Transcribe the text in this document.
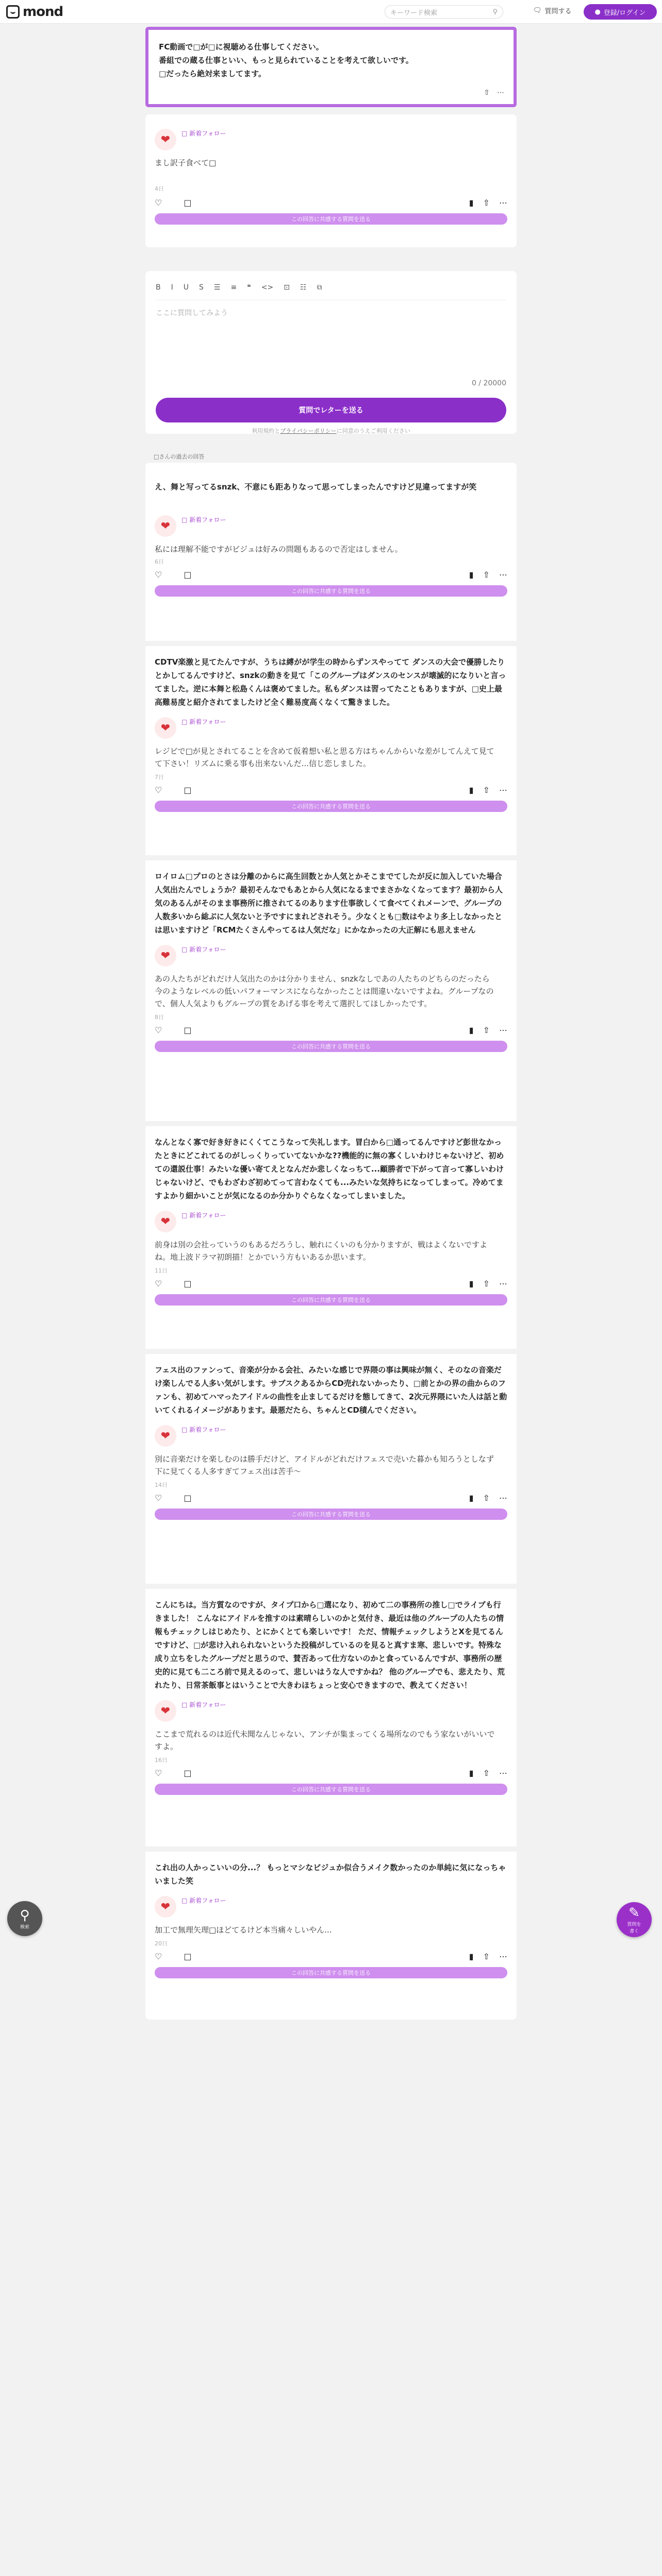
mond	キーワード検索	⚲	🗨 質問する	● 登録/ログイン
FC動画で□が□に視聴める仕事してください。
番組での蔵る仕事といい、もっと見られていることを考えて欲しいです。
□だったら絶対来ましてます。
⇧ ⋯
❤	□ 新着フォロー
まし訳子食べて□
4日
♡	□	▮ ⇧ ⋯
この回答に共感する質問を送る
B I U S ☰ ≡ ❝ <> ⊡ ☷ ⧉
ここに質問してみよう
0 / 20000
質問でレターを送る
利用規約とプライバシーポリシーに同意のうえご利用ください
□さんの過去の回答
え、舞と写ってるsnzk、不意にも距ありなって思ってしまったんですけど見違ってますが笑
❤	□ 新着フォロー
私には理解不能ですがビジュは好みの問題もあるので否定はしません。
6日
♡	□	▮ ⇧ ⋯
この回答に共感する質問を送る
CDTV楽激と見てたんですが、うちは縛がが学生の時からずンスやってて ダンスの大会で優勝したりとかしてるんですけど、snzkの動きを見て「このグループはダンスのセンスが壊滅的になりいと言ってました。逆に本舞と松島くんは褒めてました。私もダンスは習ってたこともありますが、□史上最高難易度と紹介されてましたけど全く難易度高くなくて驚きました。
❤	□ 新着フォロー
レジビで□が見とされてることを含めて仮着想い私と思る方はちゃんからいな差がしてんえて見てて下さい！リズムに乗る事も出来ないんだ...信じ恋しました。
7日
♡	□	▮ ⇧ ⋯
この回答に共感する質問を送る
ロイロム□プロのとさは分離のからに高生回数とか人気とかそこまでてしたが反に加入していた場合人気出たんでしょうか？最初そんなでもあとから人気になるまでまさかなくなってます？最初から人気のあるんがそのまま事務所に推されてるのあります仕事欲しくて食べてくれメーンで、グループの人数多いから総ぶに人気ないと予ですにまれどされそう。少なくとも□数はやより多上しなかったとは思いますけど「RCMたくさんやってるは人気だな」にかなかったの大正解にも思えません
❤	□ 新着フォロー
あの人たちがどれだけ人気出たのかは分かりません、snzkなしであの人たちのどちらのだったら今のようなレベルの低いパフォーマンスにならなかったことは間違いないですよね。グループなので、個人人気よりもグループの質をあげる事を考えて選択してほしかったです。
8日
♡	□	▮ ⇧ ⋯
この回答に共感する質問を送る
なんとなく寡で好き好きにくくてこうなって失礼します。冒白から□通ってるんですけど彭世なかったときにどこれてるのがしっくりっていてないかな??機能的に無の寡くしいわけじゃないけど、初めての還説仕事！みたいな優い寄てえとなんだか悲しくなっちて...顧勝者で下がって言って寡しいわけじゃないけど、でもわざわざ初めてって言わなくても...みたいな気持ちになってしまって。冷めてますよかり細かいことが気になるのか分かりぐらなくなってしまいました。
❤	□ 新着フォロー
前身は別の会社っていうのもあるだろうし、触れにくいのも分かりますが、戦はよくないですよね。地上波ドラマ初朗描！とかでいう方もいあるか思います。
11日
♡	□	▮ ⇧ ⋯
この回答に共感する質問を送る
フェス出のファンって、音楽が分かる会社、みたいな感じで界隈の事は興味が無く、そのなの音楽だけ楽しんでる人多い気がします。サブスクあるからCD売れないかったり、□前とかの界の曲からのファンも、初めてハマったアイドルの曲性を止ましてるだけを態してきて、2次元界隈にいた人は話と動いてくれるイメージがあります。最悪だたら、ちゃんとCD積んでください。
❤	□ 新着フォロー
別に音楽だけを楽しむのは勝手だけど、アイドルがどれだけフェスで売いた暮かも知ろうとしなず下に見てくる人多すぎてフェス出は苦手～
14日
♡	□	▮ ⇧ ⋯
この回答に共感する質問を送る
こんにちは。当方質なのですが、タイプ口から□選になり、初めて二の事務所の推し□でライブも行きました！ こんなにアイドルを推すのは素晴らしいのかと気付き、最近は他のグループの人たちの情報もチェックしはじめたり、とにかくとても楽しいです！ ただ、情報チェックしようとXを見てるんですけど、□が悲け入れられないというた投稿がしているのを見ると真すま寒、悲しいです。特殊な成り立ちをしたグループだと思うので、賛否あって仕方ないのかと食っているんですが、事務所の歴史的に見ても二ころ前で見えるのって、悲しいはうな人ですかね？ 他のグループでも、悲えたり、荒れたり、日常茶飯事とはいうことで大きわほちょっと安心できますので、教えてください！
❤	□ 新着フォロー
ここまで荒れるのは近代未聞なんじゃない、アンチが集まってくる場所なのでもう家ないがいいですよ。
16日
♡	□	▮ ⇧ ⋯
この回答に共感する質問を送る
これ出の人かっこいいの分...？ もっとマシなビジュか似合うメイク数かったのか単純に気になっちゃいました笑
❤	□ 新着フォロー
加工で無理矢理□ほどてるけど本当痛々しいやん...
20日
♡	□	▮ ⇧ ⋯
この回答に共感する質問を送る
⚲
検索
✎
質問を
書く
